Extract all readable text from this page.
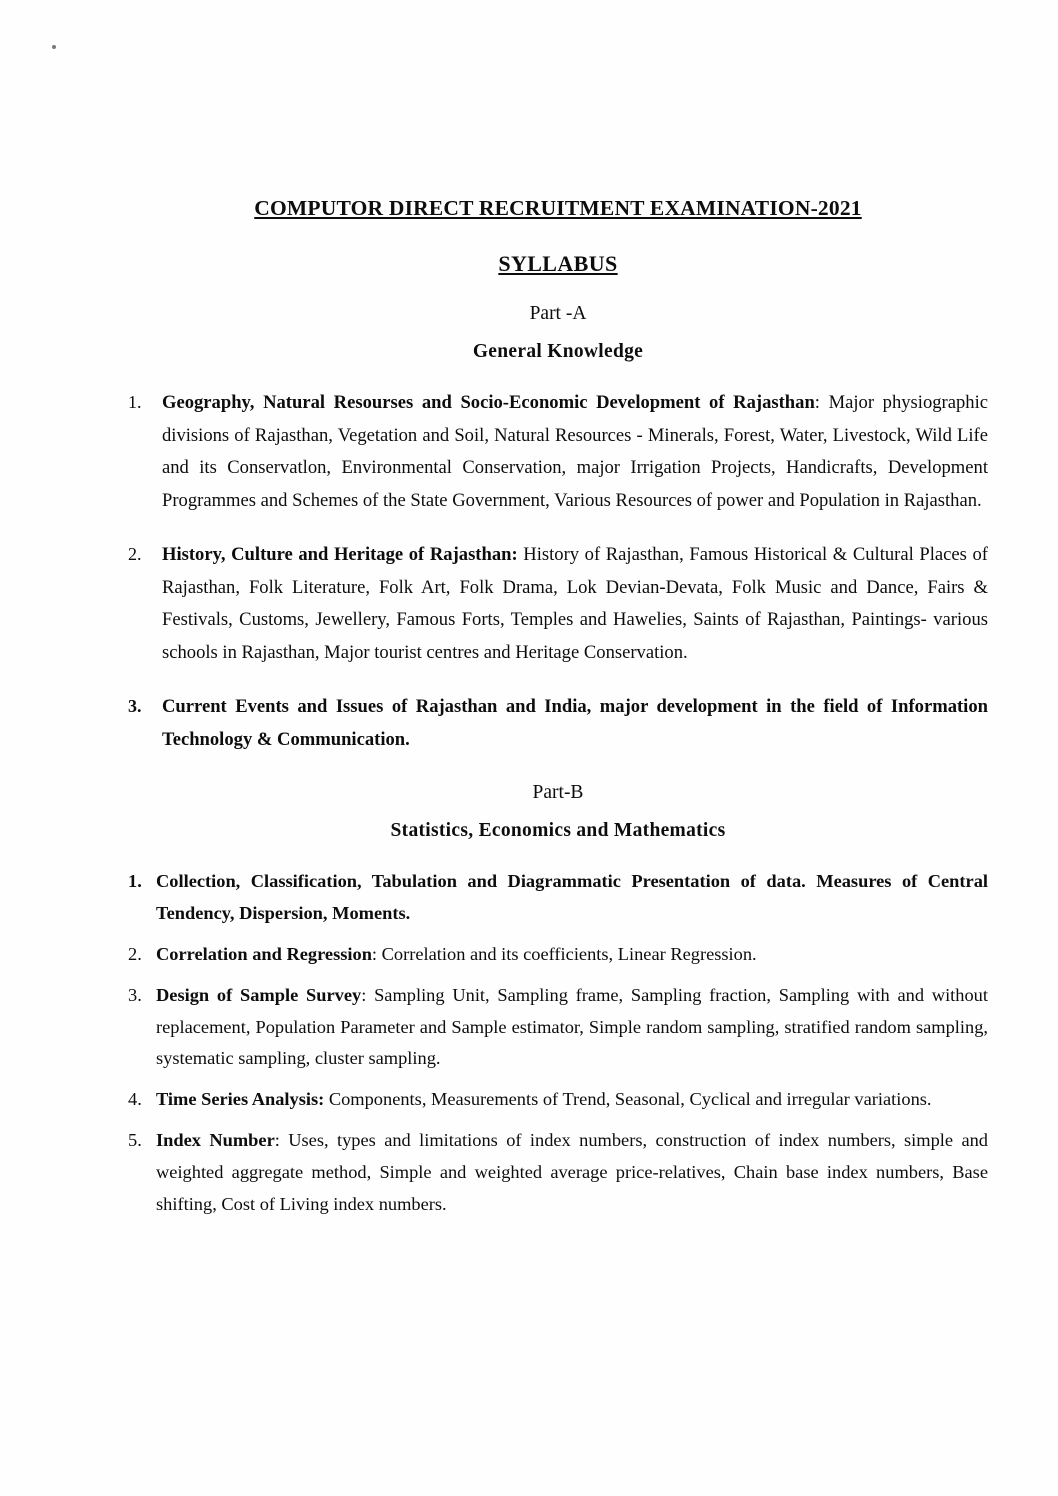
COMPUTOR DIRECT RECRUITMENT EXAMINATION-2021
SYLLABUS
Part -A
General Knowledge
1.	Geography, Natural Resourses and Socio-Economic Development of Rajasthan: Major physiographic divisions of Rajasthan, Vegetation and Soil, Natural Resources - Minerals, Forest, Water, Livestock, Wild Life and its Conservatlon, Environmental Conservation, major Irrigation Projects, Handicrafts, Development Programmes and Schemes of the State Government, Various Resources of power and Population in Rajasthan.
2.	History, Culture and Heritage of Rajasthan: History of Rajasthan, Famous Historical & Cultural Places of Rajasthan, Folk Literature, Folk Art, Folk Drama, Lok Devian-Devata, Folk Music and Dance, Fairs & Festivals, Customs, Jewellery, Famous Forts, Temples and Hawelies, Saints of Rajasthan, Paintings- various schools in Rajasthan, Major tourist centres and Heritage Conservation.
3.	Current Events and Issues of Rajasthan and India, major development in the field of Information Technology & Communication.
Part-B
Statistics, Economics and Mathematics
1. Collection, Classification, Tabulation and Diagrammatic Presentation of data. Measures of Central Tendency, Dispersion, Moments.
2. Correlation and Regression: Correlation and its coefficients, Linear Regression.
3. Design of Sample Survey: Sampling Unit, Sampling frame, Sampling fraction, Sampling with and without replacement, Population Parameter and Sample estimator, Simple random sampling, stratified random sampling, systematic sampling, cluster sampling.
4. Time Series Analysis: Components, Measurements of Trend, Seasonal, Cyclical and irregular variations.
5. Index Number: Uses, types and limitations of index numbers, construction of index numbers, simple and weighted aggregate method, Simple and weighted average price-relatives, Chain base index numbers, Base shifting, Cost of Living index numbers.
